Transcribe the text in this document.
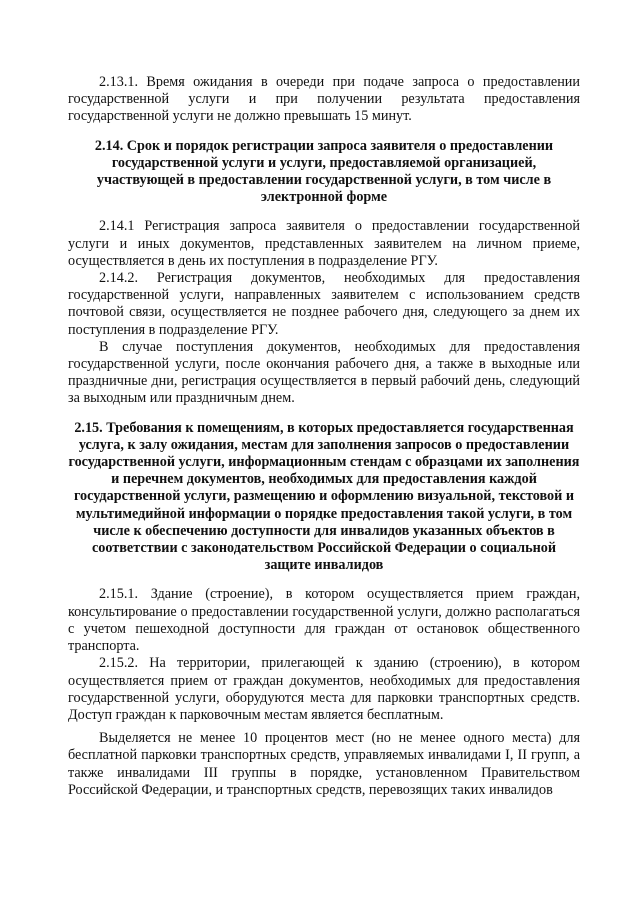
2.13.1. Время ожидания в очереди при подаче запроса о предоставлении государственной услуги и при получении результата предоставления государственной услуги не должно превышать 15 минут.

2.14. Срок и порядок регистрации запроса заявителя о предоставлении государственной услуги и услуги, предоставляемой организацией, участвующей в предоставлении государственной услуги, в том числе в электронной форме

2.14.1 Регистрация запроса заявителя о предоставлении государственной услуги и иных документов, представленных заявителем на личном приеме, осуществляется в день их поступления в подразделение РГУ.

2.14.2. Регистрация документов, необходимых для предоставления государственной услуги, направленных заявителем с использованием средств почтовой связи, осуществляется не позднее рабочего дня, следующего за днем их поступления в подразделение РГУ.

В случае поступления документов, необходимых для предоставления государственной услуги, после окончания рабочего дня, а также в выходные или праздничные дни, регистрация осуществляется в первый рабочий день, следующий за выходным или праздничным днем.

2.15. Требования к помещениям, в которых предоставляется государственная услуга, к залу ожидания, местам для заполнения запросов о предоставлении государственной услуги, информационным стендам с образцами их заполнения и перечнем документов, необходимых для предоставления каждой государственной услуги, размещению и оформлению визуальной, текстовой и мультимедийной информации о порядке предоставления такой услуги, в том числе к обеспечению доступности для инвалидов указанных объектов в соответствии с законодательством Российской Федерации о социальной защите инвалидов

2.15.1. Здание (строение), в котором осуществляется прием граждан, консультирование о предоставлении государственной услуги, должно располагаться с учетом пешеходной доступности для граждан от остановок общественного транспорта.

2.15.2. На территории, прилегающей к зданию (строению), в котором осуществляется прием от граждан документов, необходимых для предоставления государственной услуги, оборудуются места для парковки транспортных средств. Доступ граждан к парковочным местам является бесплатным.

Выделяется не менее 10 процентов мест (но не менее одного места) для бесплатной парковки транспортных средств, управляемых инвалидами I, II групп, а также инвалидами III группы в порядке, установленном Правительством Российской Федерации, и транспортных средств, перевозящих таких инвалидов
